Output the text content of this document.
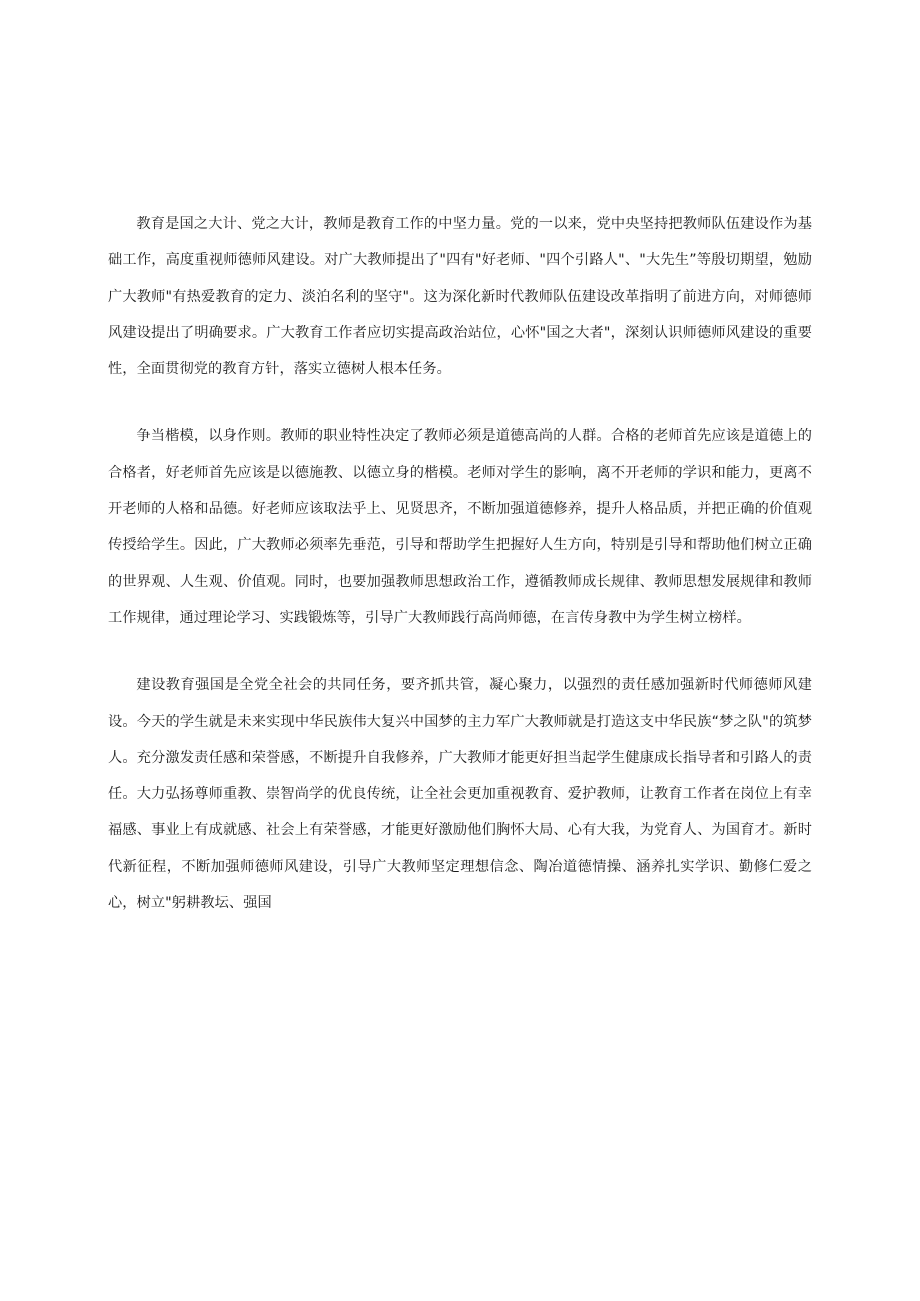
教育是国之大计、党之大计，教师是教育工作的中坚力量。党的一以来，党中央坚持把教师队伍建设作为基础工作，高度重视师德师风建设。对广大教师提出了"四有"好老师、"四个引路人"、"大先生”等殷切期望，勉励广大教师"有热爱教育的定力、淡泊名利的坚守"。这为深化新时代教师队伍建设改革指明了前进方向，对师德师风建设提出了明确要求。广大教育工作者应切实提高政治站位，心怀"国之大者"，深刻认识师德师风建设的重要性，全面贯彻党的教育方针，落实立德树人根本任务。

争当楷模，以身作则。教师的职业特性决定了教师必须是道德高尚的人群。合格的老师首先应该是道德上的合格者，好老师首先应该是以德施教、以德立身的楷模。老师对学生的影响，离不开老师的学识和能力，更离不开老师的人格和品德。好老师应该取法乎上、见贤思齐，不断加强道德修养，提升人格品质，并把正确的价值观传授给学生。因此，广大教师必须率先垂范，引导和帮助学生把握好人生方向，特别是引导和帮助他们树立正确的世界观、人生观、价值观。同时，也要加强教师思想政治工作，遵循教师成长规律、教师思想发展规律和教师工作规律，通过理论学习、实践锻炼等，引导广大教师践行高尚师德，在言传身教中为学生树立榜样。

建设教育强国是全党全社会的共同任务，要齐抓共管，凝心聚力，以强烈的责任感加强新时代师德师风建设。今天的学生就是未来实现中华民族伟大复兴中国梦的主力军广大教师就是打造这支中华民族“梦之队"的筑梦人。充分激发责任感和荣誉感，不断提升自我修养，广大教师才能更好担当起学生健康成长指导者和引路人的责任。大力弘扬尊师重教、崇智尚学的优良传统，让全社会更加重视教育、爱护教师，让教育工作者在岗位上有幸福感、事业上有成就感、社会上有荣誉感，才能更好激励他们胸怀大局、心有大我，为党育人、为国育才。新时代新征程，不断加强师德师风建设，引导广大教师坚定理想信念、陶冶道德情操、涵养扎实学识、勤修仁爱之心，树立"躬耕教坛、强国
